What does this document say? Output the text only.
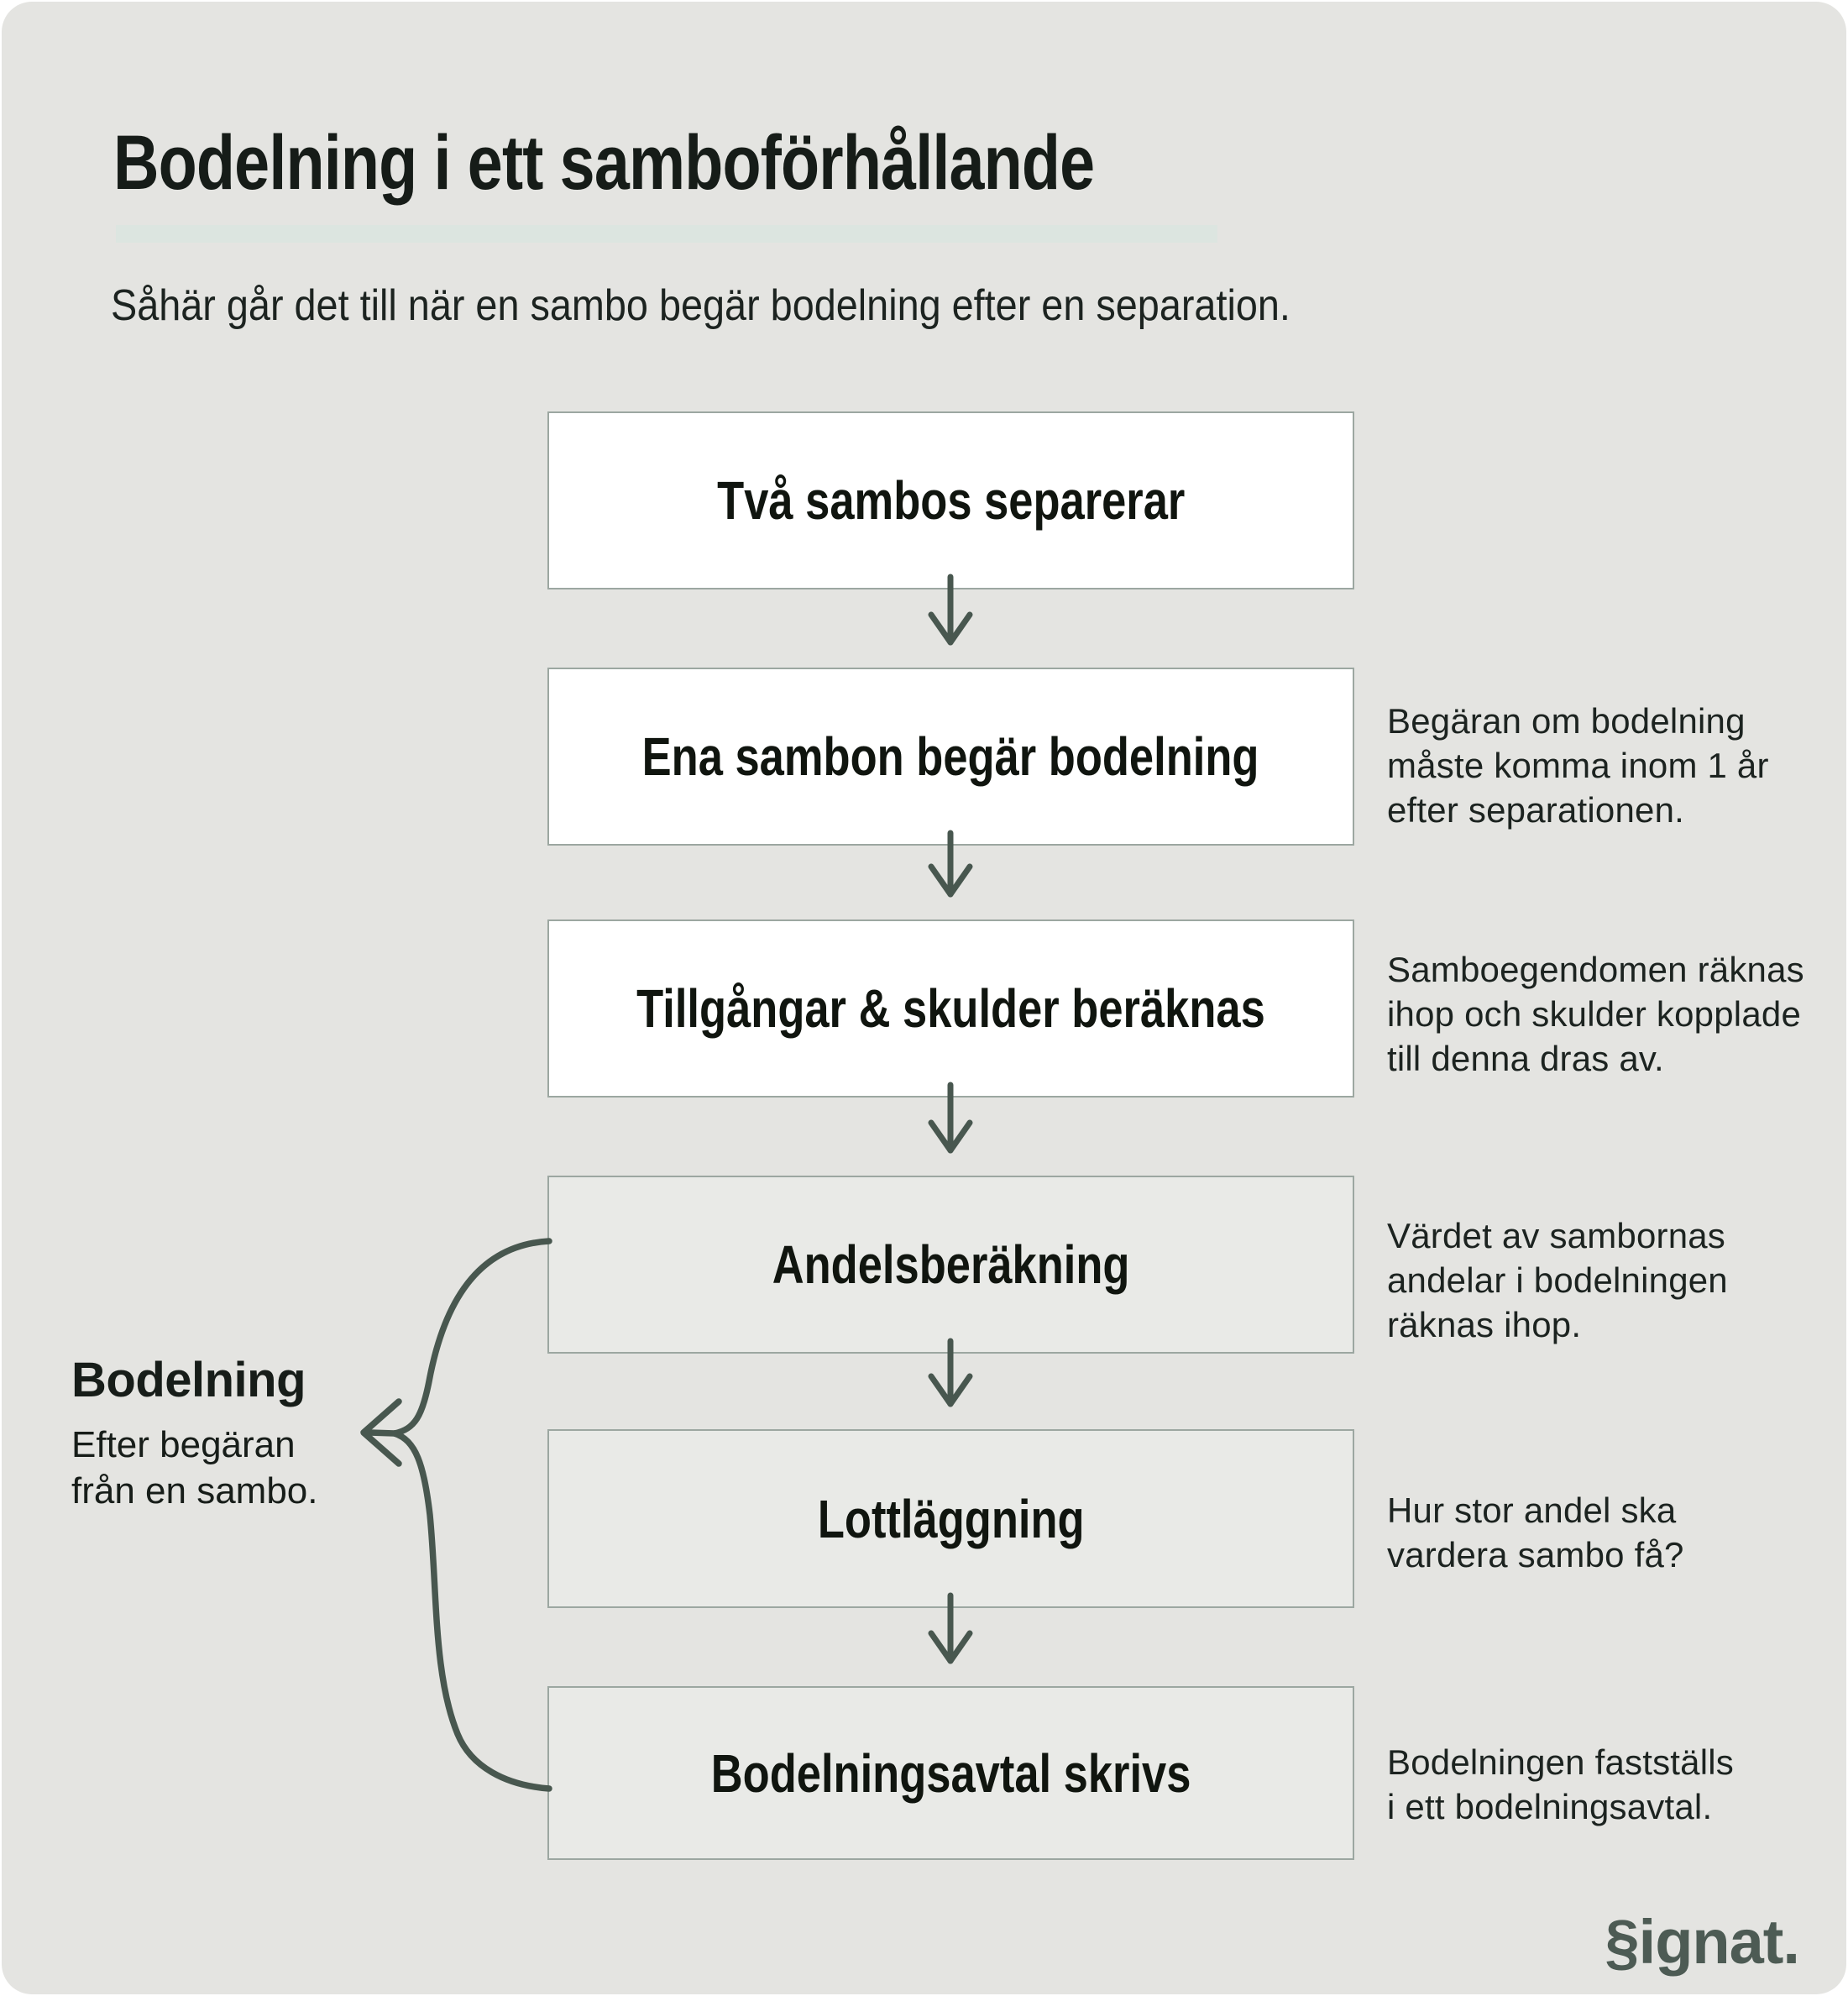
Bodelning i ett samboförhållande

Såhär går det till när en sambo begär bodelning efter en separation.

Två sambos separerar
Ena sambon begär bodelning
Tillgångar & skulder beräknas
Andelsberäkning
Lottläggning
Bodelningsavtal skrivs
Begäran om bodelning
måste komma inom 1 år
efter separationen.
Samboegendomen räknas
ihop och skulder kopplade
till denna dras av.
Värdet av sambornas
andelar i bodelningen
räknas ihop.
Hur stor andel ska
vardera sambo få?
Bodelningen fastställs
i ett bodelningsavtal.

Bodelning

Efter begäran
från en sambo.
§ignat.
